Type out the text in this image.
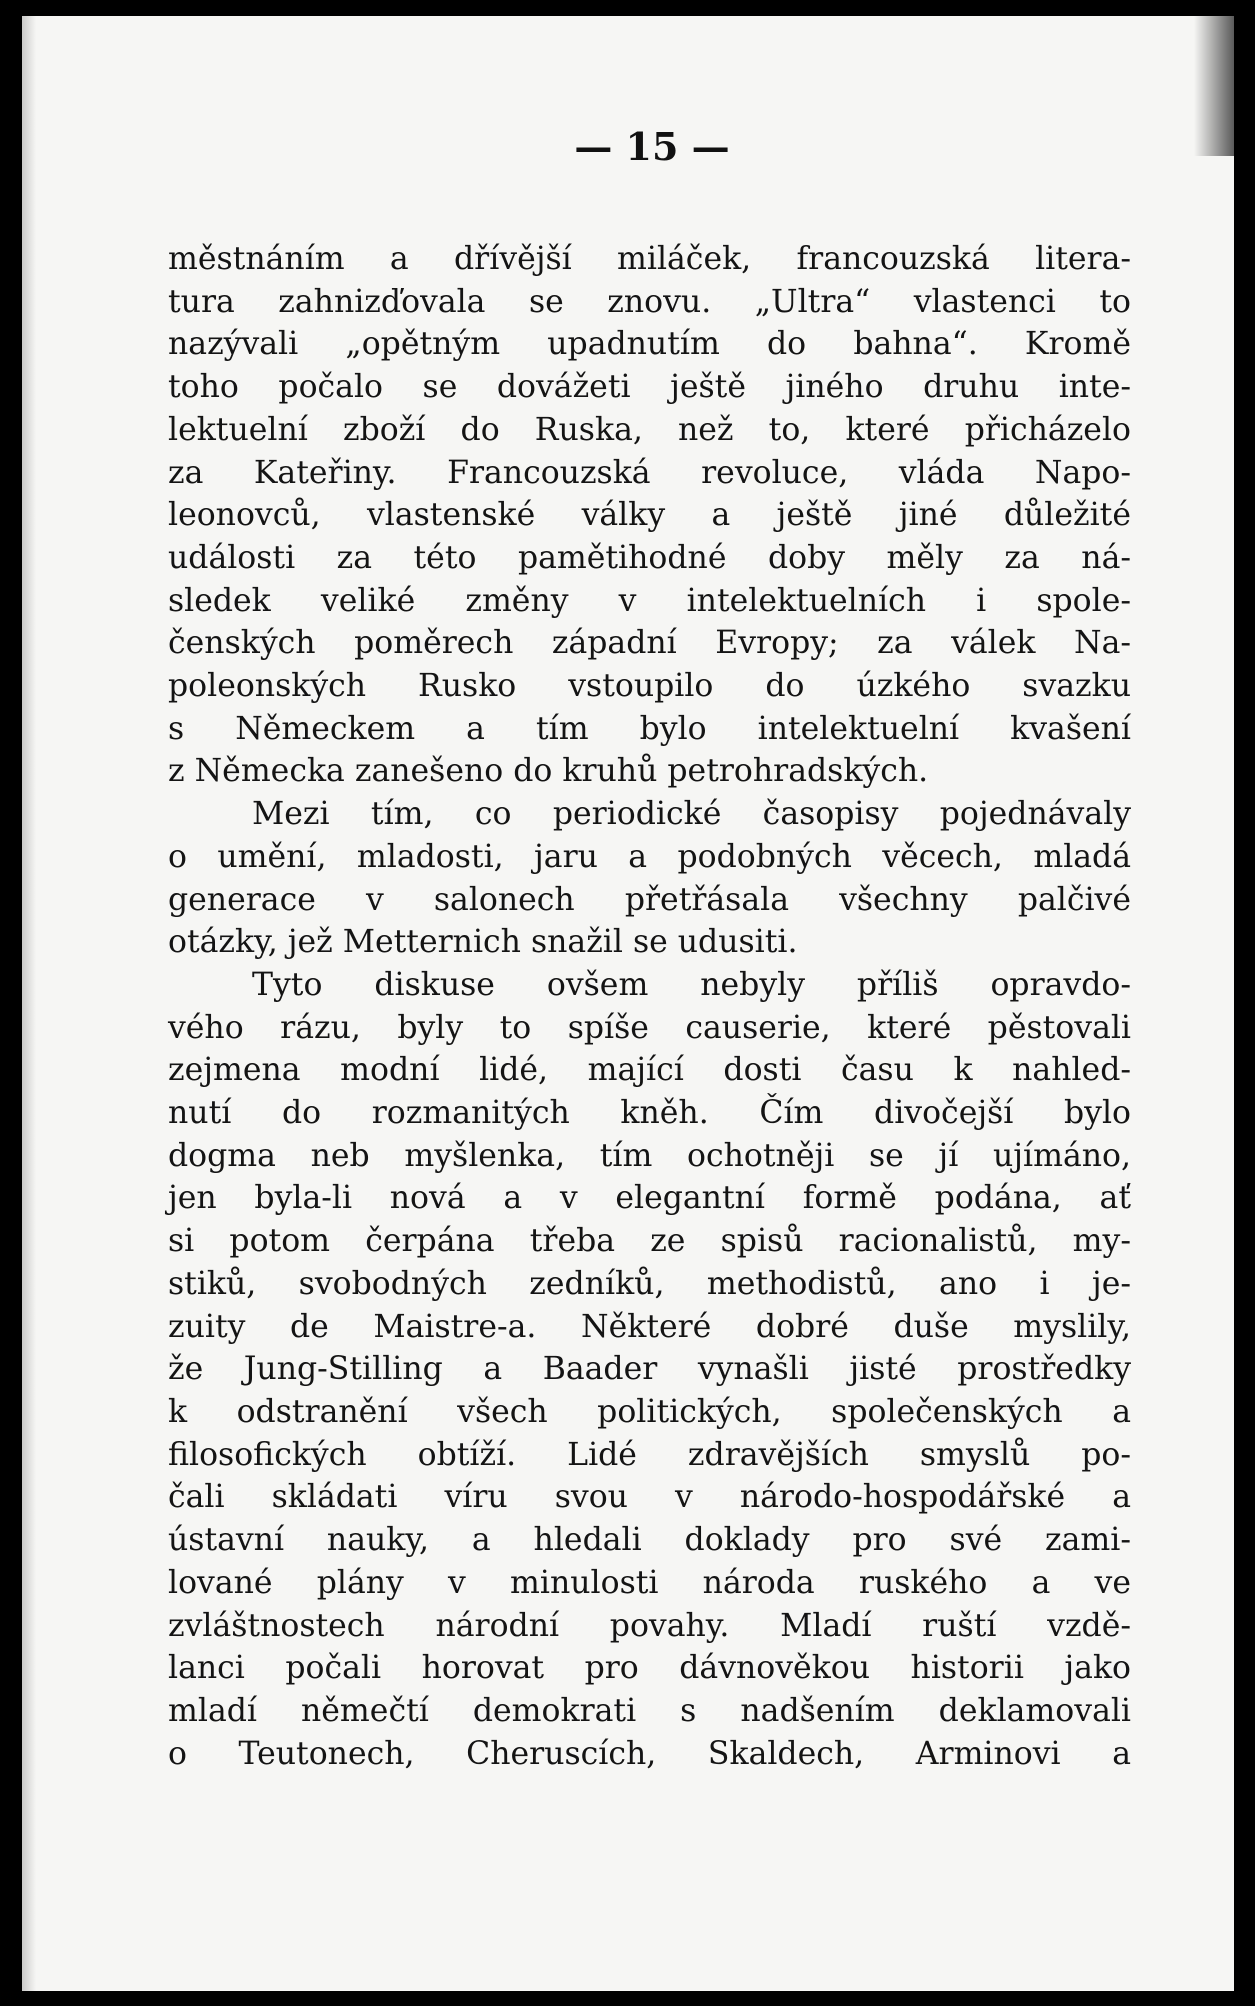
— 15 —
městnáním a dřívější miláček, francouzská litera-
tura zahnizďovala se znovu. „Ultra“ vlastenci to
nazývali „opětným upadnutím do bahna“. Kromě
toho počalo se dovážeti ještě jiného druhu inte-
lektuelní zboží do Ruska, než to, které přicházelo
za Kateřiny. Francouzská revoluce, vláda Napo-
leonovců, vlastenské války a ještě jiné důležité
události za této pamětihodné doby měly za ná-
sledek veliké změny v intelektuelních i spole-
čenských poměrech západní Evropy; za válek Na-
poleonských Rusko vstoupilo do úzkého svazku
s Německem a tím bylo intelektuelní kvašení
z Německa zanešeno do kruhů petrohradských.
Mezi tím, co periodické časopisy pojednávaly
o umění, mladosti, jaru a podobných věcech, mladá
generace v salonech přetřásala všechny palčivé
otázky, jež Metternich snažil se udusiti.
Tyto diskuse ovšem nebyly příliš opravdo-
vého rázu, byly to spíše causerie, které pěstovali
zejmena modní lidé, mající dosti času k nahled-
nutí do rozmanitých kněh. Čím divočejší bylo
dogma neb myšlenka, tím ochotněji se jí ujímáno,
jen byla-li nová a v elegantní formě podána, ať
si potom čerpána třeba ze spisů racionalistů, my-
stiků, svobodných zedníků, methodistů, ano i je-
zuity de Maistre-a. Některé dobré duše myslily,
že Jung-Stilling a Baader vynašli jisté prostředky
k odstranění všech politických, společenských a
filosofických obtíží. Lidé zdravějších smyslů po-
čali skládati víru svou v národo-hospodářské a
ústavní nauky, a hledali doklady pro své zami-
lované plány v minulosti národa ruského a ve
zvláštnostech národní povahy. Mladí ruští vzdě-
lanci počali horovat pro dávnověkou historii jako
mladí němečtí demokrati s nadšením deklamovali
o Teutonech, Cheruscích, Skaldech, Arminovi a
